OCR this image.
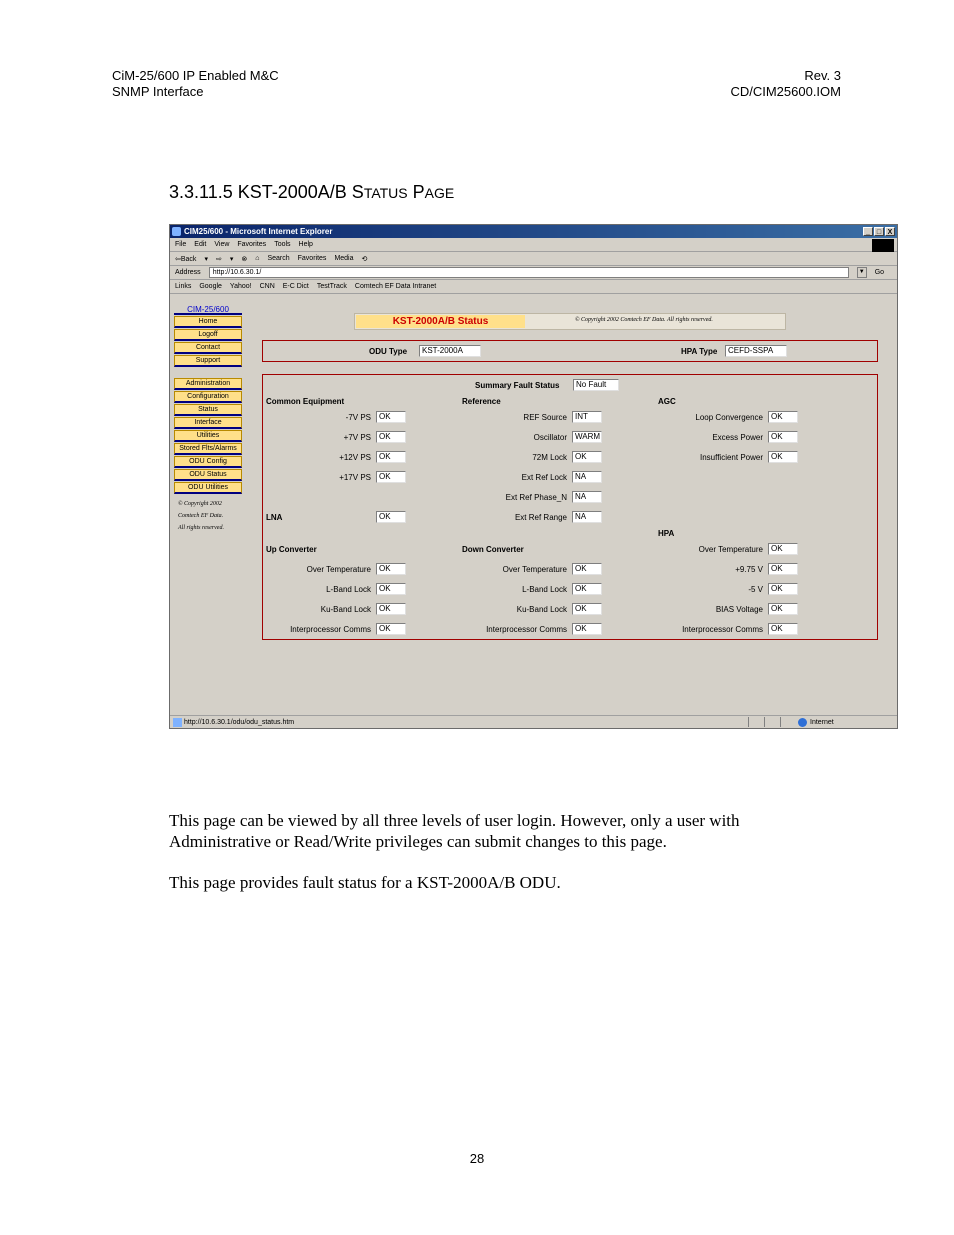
CiM-25/600 IP Enabled M&C
SNMP Interface
Rev. 3
CD/CIM25600.IOM
3.3.11.5 KST-2000A/B STATUS PAGE
CIM25/600 - Microsoft Internet Explorer	_ □ X
File Edit View Favorites Tools Help
⇦Back ▾ ⇨ ▾ ⊗ ⌂ Search Favorites Media ⟲
Address	http://10.6.30.1/	▼ Go
Links Google Yahoo! CNN E-C Dict TestTrack Comtech EF Data Intranet
CIM-25/600
Home
Logoff
Contact
Support
Administration
Configuration
Status
Interface
Utilities
Stored Flts/Alarms
ODU Config
ODU Status
ODU Utilities
© Copyright 2002
Comtech EF Data.
All rights reserved.
KST-2000A/B Status	© Copyright 2002 Comtech EF Data. All rights reserved.
ODU Type	KST-2000A	HPA Type	CEFD-SSPA
Summary Fault Status	No Fault
Common Equipment
-7V PS	OK
+7V PS	OK
+12V PS	OK
+17V PS	OK
Reference
REF Source	INT
Oscillator	WARM
72M Lock	OK
Ext Ref Lock	NA
Ext Ref Phase_N	NA
Ext Ref Range	NA
AGC
Loop Convergence	OK
Excess Power	OK
Insufficient Power	OK
LNA	OK
HPA
Up Converter
Over Temperature	OK
L-Band Lock	OK
Ku-Band Lock	OK
Interprocessor Comms	OK
Down Converter
Over Temperature	OK
L-Band Lock	OK
Ku-Band Lock	OK
Interprocessor Comms	OK
Over Temperature	OK
+9.75 V	OK
-5 V	OK
BIAS Voltage	OK
Interprocessor Comms	OK
http://10.6.30.1/odu/odu_status.htm	Internet
This page can be viewed by all three levels of user login. However, only a user with Administrative or Read/Write privileges can submit changes to this page.
This page provides fault status for a KST-2000A/B ODU.
28
